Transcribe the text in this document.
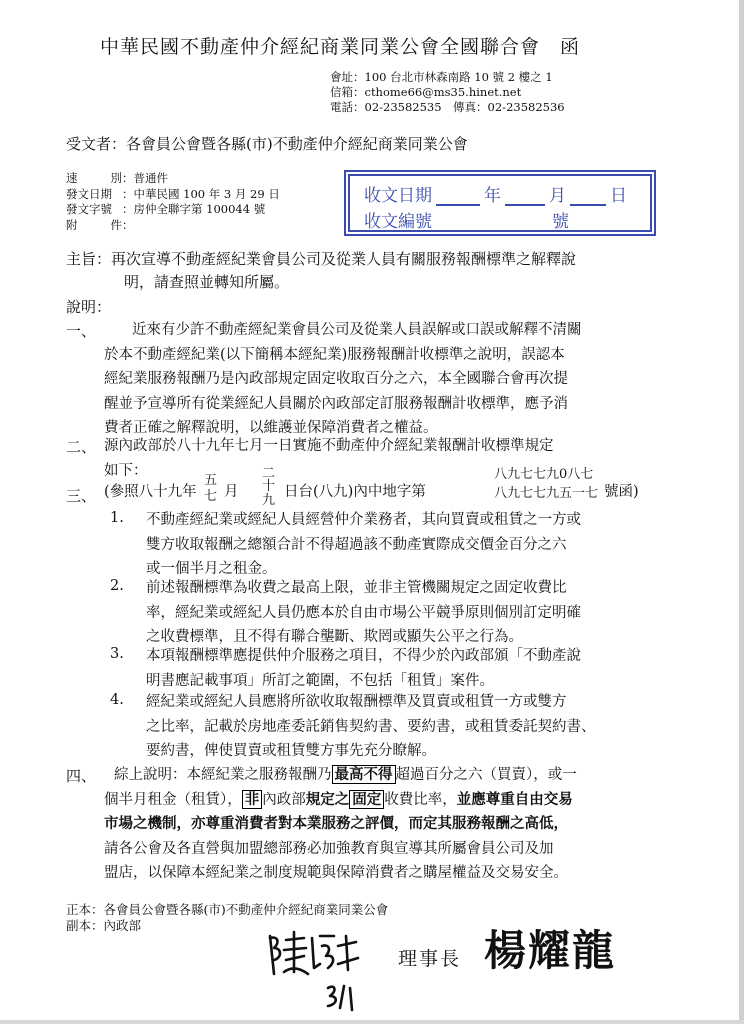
中華民國不動產仲介經紀商業同業公會全國聯合會　函
會址：100 台北市林森南路 10 號 2 樓之 1
信箱：cthome66@ms35.hinet.net
電話：02-23582535　傳真：02-23582536
受文者：各會員公會暨各縣(市)不動產仲介經紀商業同業公會
速	別 ： 普通件
發文日期 ： 中華民國 100 年 3 月 29 日
發文字號 ： 房仲全聯字第 100044 號
附	件 ：
收文日期	年	月	日
收文編號	號
主旨：再次宣導不動產經紀業會員公司及從業人員有關服務報酬標準之解釋說
明，請查照並轉知所屬。
說明：
一、	近來有少許不動產經紀業會員公司及從業人員誤解或口誤或解釋不清關
於本不動產經紀業(以下簡稱本經紀業)服務報酬計收標準之說明，誤認本
經紀業服務報酬乃是內政部規定固定收取百分之六，本全國聯合會再次提
醒並予宣導所有從業經紀人員關於內政部定訂服務報酬計收標準，應予消
費者正確之解釋說明，以維護並保障消費者之權益。
二、 源內政部於八十九年七月一日實施不動產仲介經紀業報酬計收標準規定
如下：
三、 (參照八十九年
五
七 月
二
十
九
日台(八九)內中地字第
八九七七九0八七
八九七七九五一七 號函)
1. 不動產經紀業或經紀人員經營仲介業務者，其向買賣或租賃之一方或
雙方收取報酬之總額合計不得超過該不動產實際成交價金百分之六
或一個半月之租金。
2. 前述報酬標準為收費之最高上限，並非主管機關規定之固定收費比
率，經紀業或經紀人員仍應本於自由市場公平競爭原則個別訂定明確
之收費標準，且不得有聯合壟斷、欺罔或顯失公平之行為。
3. 本項報酬標準應提供仲介服務之項目，不得少於內政部頒「不動產說
明書應記載事項」所訂之範圍，不包括「租賃」案件。
4. 經紀業或經紀人員應將所欲收取報酬標準及買賣或租賃一方或雙方
之比率，記載於房地產委託銷售契約書、要約書，或租賃委託契約書、
要約書，俾使買賣或租賃雙方事先充分瞭解。
四、	綜上說明：本經紀業之服務報酬乃 最高不得 超過百分之六（買賣），或一
個半月租金（租賃）， 非 內政部規定之 固定 收費比率，並應尊重自由交易
市場之機制，亦尊重消費者對本業服務之評價，而定其服務報酬之高低，
請各公會及各直營與加盟總部務必加強教育與宣導其所屬會員公司及加
盟店，以保障本經紀業之制度規範與保障消費者之購屋權益及交易安全。
正本：各會員公會暨各縣(市)不動產仲介經紀商業同業公會
副本：內政部
理事長 楊耀龍
